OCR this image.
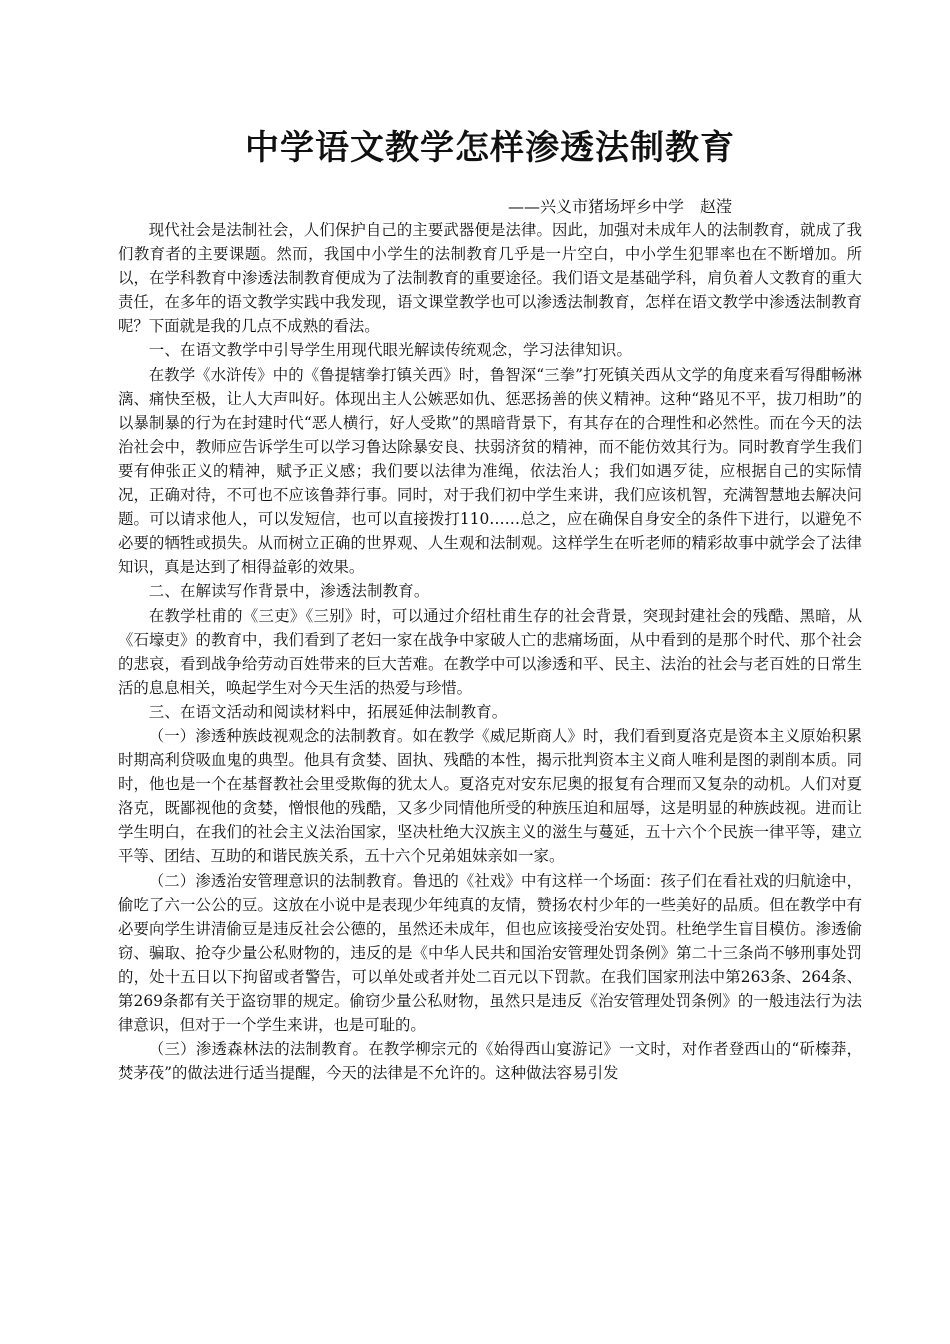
中学语文教学怎样渗透法制教育

——兴义市猪场坪乡中学　赵滢

现代社会是法制社会，人们保护自己的主要武器便是法律。因此，加强对未成年人的法制教育，就成了我们教育者的主要课题。然而，我国中小学生的法制教育几乎是一片空白，中小学生犯罪率也在不断增加。所以，在学科教育中渗透法制教育便成为了法制教育的重要途径。我们语文是基础学科，肩负着人文教育的重大责任，在多年的语文教学实践中我发现，语文课堂教学也可以渗透法制教育，怎样在语文教学中渗透法制教育呢？下面就是我的几点不成熟的看法。

一、在语文教学中引导学生用现代眼光解读传统观念，学习法律知识。

在教学《水浒传》中的《鲁提辖拳打镇关西》时，鲁智深“三拳”打死镇关西从文学的角度来看写得酣畅淋漓、痛快至极，让人大声叫好。体现出主人公嫉恶如仇、惩恶扬善的侠义精神。这种“路见不平，拔刀相助”的以暴制暴的行为在封建时代“恶人横行，好人受欺”的黑暗背景下，有其存在的合理性和必然性。而在今天的法治社会中，教师应告诉学生可以学习鲁达除暴安良、扶弱济贫的精神，而不能仿效其行为。同时教育学生我们要有伸张正义的精神，赋予正义感；我们要以法律为准绳，依法治人；我们如遇歹徒，应根据自己的实际情况，正确对待，不可也不应该鲁莽行事。同时，对于我们初中学生来讲，我们应该机智，充满智慧地去解决问题。可以请求他人，可以发短信，也可以直接拨打110……总之，应在确保自身安全的条件下进行，以避免不必要的牺牲或损失。从而树立正确的世界观、人生观和法制观。这样学生在听老师的精彩故事中就学会了法律知识，真是达到了相得益彰的效果。

二、在解读写作背景中，渗透法制教育。

在教学杜甫的《三吏》《三别》时，可以通过介绍杜甫生存的社会背景，突现封建社会的残酷、黑暗，从《石壕吏》的教育中，我们看到了老妇一家在战争中家破人亡的悲痛场面，从中看到的是那个时代、那个社会的悲哀，看到战争给劳动百姓带来的巨大苦难。在教学中可以渗透和平、民主、法治的社会与老百姓的日常生活的息息相关，唤起学生对今天生活的热爱与珍惜。

三、在语文活动和阅读材料中，拓展延伸法制教育。

（一）渗透种族歧视观念的法制教育。如在教学《威尼斯商人》时，我们看到夏洛克是资本主义原始积累时期高利贷吸血鬼的典型。他具有贪婪、固执、残酷的本性，揭示批判资本主义商人唯利是图的剥削本质。同时，他也是一个在基督教社会里受欺侮的犹太人。夏洛克对安东尼奥的报复有合理而又复杂的动机。人们对夏洛克，既鄙视他的贪婪，憎恨他的残酷，又多少同情他所受的种族压迫和屈辱，这是明显的种族歧视。进而让学生明白，在我们的社会主义法治国家，坚决杜绝大汉族主义的滋生与蔓延，五十六个个民族一律平等，建立平等、团结、互助的和谐民族关系，五十六个兄弟姐妹亲如一家。

（二）渗透治安管理意识的法制教育。鲁迅的《社戏》中有这样一个场面：孩子们在看社戏的归航途中，偷吃了六一公公的豆。这放在小说中是表现少年纯真的友情，赞扬农村少年的一些美好的品质。但在教学中有必要向学生讲清偷豆是违反社会公德的，虽然还未成年，但也应该接受治安处罚。杜绝学生盲目模仿。渗透偷窃、骗取、抢夺少量公私财物的，违反的是《中华人民共和国治安管理处罚条例》第二十三条尚不够刑事处罚的，处十五日以下拘留或者警告，可以单处或者并处二百元以下罚款。在我们国家刑法中第263条、264条、第269条都有关于盗窃罪的规定。偷窃少量公私财物，虽然只是违反《治安管理处罚条例》的一般违法行为法律意识，但对于一个学生来讲，也是可耻的。

（三）渗透森林法的法制教育。在教学柳宗元的《始得西山宴游记》一文时，对作者登西山的“斫榛莽，焚茅茷”的做法进行适当提醒，今天的法律是不允许的。这种做法容易引发
